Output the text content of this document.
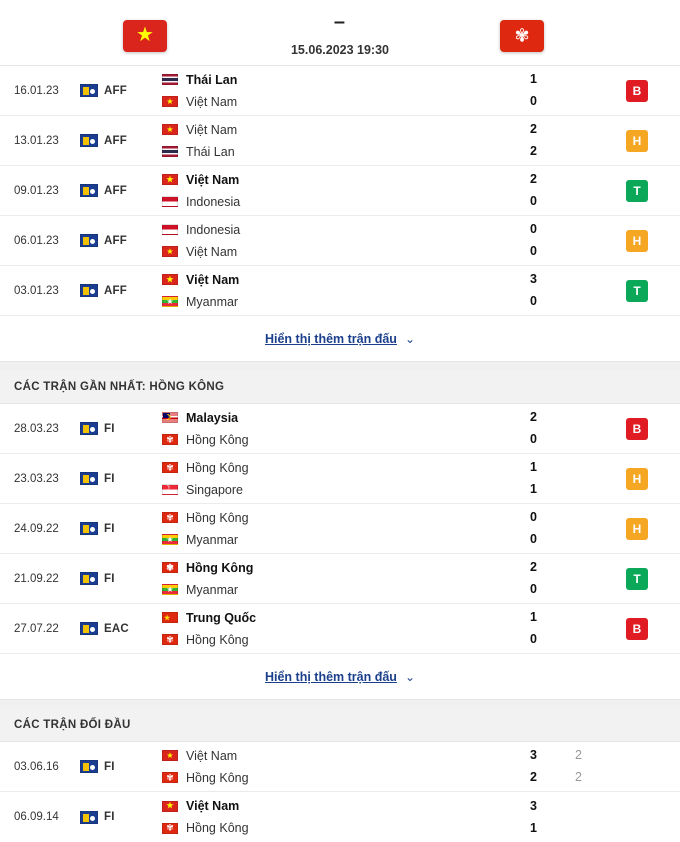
★
–
15.06.2023 19:30
✾
16.01.23	AFF
Thái Lan
★
Việt Nam
1
0
B
13.01.23	AFF
★
Việt Nam
Thái Lan
2
2
H
09.01.23	AFF
★
Việt Nam
Indonesia
2
0
T
06.01.23	AFF
Indonesia
★
Việt Nam
0
0
H
03.01.23	AFF
★
Việt Nam
★
Myanmar
3
0
T
Hiển thị thêm trận đấu ⌄
CÁC TRẬN GẦN NHẤT: HỒNG KÔNG
28.03.23	FI
☽
Malaysia
✾
Hồng Kông
2
0
B
23.03.23	FI
✾
Hồng Kông
☽
Singapore
1
1
H
24.09.22	FI
✾
Hồng Kông
★
Myanmar
0
0
H
21.09.22	FI
✾
Hồng Kông
★
Myanmar
2
0
T
27.07.22	EAC
★
Trung Quốc
✾
Hồng Kông
1
0
B
Hiển thị thêm trận đấu ⌄
CÁC TRẬN ĐỐI ĐẦU
03.06.16	FI
★
Việt Nam
✾
Hồng Kông
3	2
2	2
06.09.14	FI
★
Việt Nam
✾
Hồng Kông
3
1
